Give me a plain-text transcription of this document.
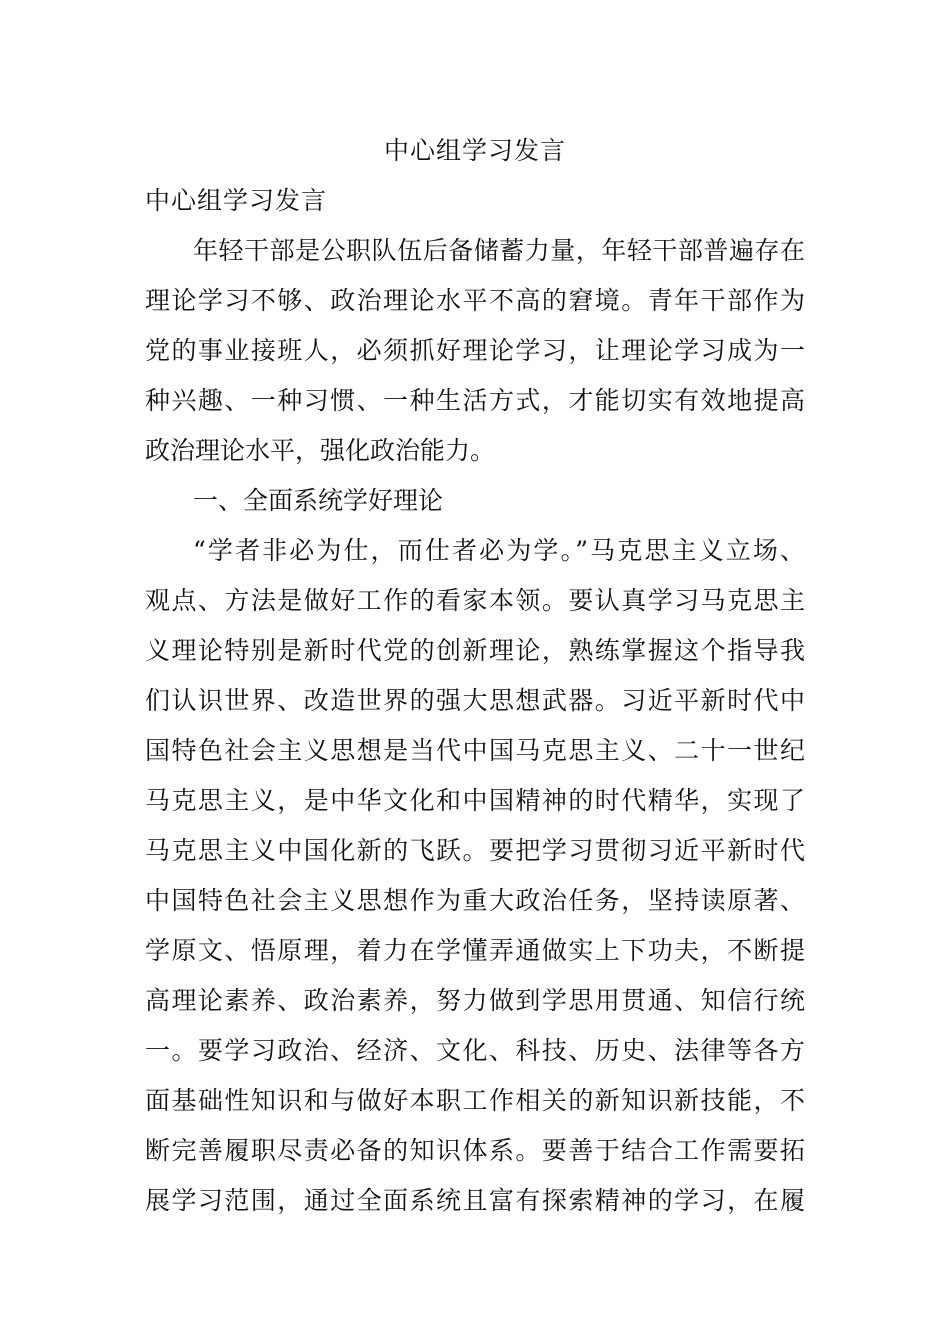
中心组学习发言
中心组学习发言
年轻干部是公职队伍后备储蓄力量，年轻干部普遍存在
理论学习不够、政治理论水平不高的窘境。青年干部作为
党的事业接班人，必须抓好理论学习，让理论学习成为一
种兴趣、一种习惯、一种生活方式，才能切实有效地提高
政治理论水平，强化政治能力。
一、全面系统学好理论
“学者非必为仕，而仕者必为学。”马克思主义立场、
观点、方法是做好工作的看家本领。要认真学习马克思主
义理论特别是新时代党的创新理论，熟练掌握这个指导我
们认识世界、改造世界的强大思想武器。习近平新时代中
国特色社会主义思想是当代中国马克思主义、二十一世纪
马克思主义，是中华文化和中国精神的时代精华，实现了
马克思主义中国化新的飞跃。要把学习贯彻习近平新时代
中国特色社会主义思想作为重大政治任务，坚持读原著、
学原文、悟原理，着力在学懂弄通做实上下功夫，不断提
高理论素养、政治素养，努力做到学思用贯通、知信行统
一。要学习政治、经济、文化、科技、历史、法律等各方
面基础性知识和与做好本职工作相关的新知识新技能，不
断完善履职尽责必备的知识体系。要善于结合工作需要拓
展学习范围，通过全面系统且富有探索精神的学习，在履
